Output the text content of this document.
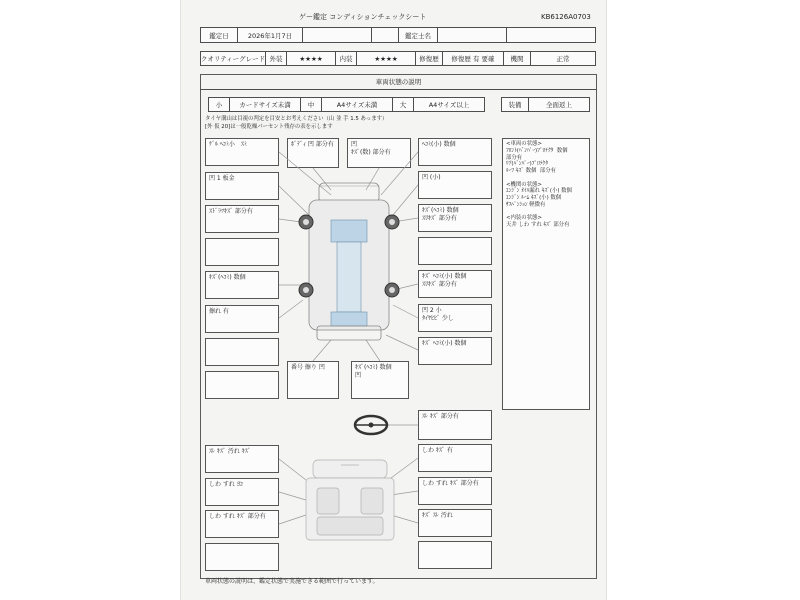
ゲー鑑定 コンディションチェックシート	KB6126A0703
鑑定日	2026年1月7日	鑑定士名
クオリティーグレード 外装	★★★★	内装	★★★★	修復歴	修復歴 有 要確	機関	正常
車両状態の説明
小	カードサイズ未満	中	A4サイズ未満	大	A4サイズ以上	装備	全面返上
タイヤ溝山は目視の判定を目安とお考えください（山 並 手 1.5 あっます）
[外 仮 20]は一般乾燥パーセント残存の表を示します
ｹﾞﾙ ﾍｺﾐ小　ｽﾐ
凹 1 板金
ｽﾄﾞﾗﾂｷｽﾞ 部分有
ｷｽﾞ(ﾍｺﾐ) 数個
擦れ 有
ﾎﾞﾃﾞｨ 凹 部分有	凹
ｷｽﾞ(数) 部分有
ﾍｺﾐ(小) 数個
凹 (小)
ｷｽﾞ(ﾍｺﾐ) 数個
ｽﾘｷｽﾞ 部分有
ｷｽﾞ ﾍｺﾐ(小) 数個
ｽﾘｷｽﾞ 部分有
凹 2 小
ﾀｲﾔﾋﾋﾞ 少し
ｷｽﾞ ﾍｺﾐ(小) 数個
<車両の状態>
ﾌﾛﾝﾄ(ﾊﾞﾝﾊﾟｰ)ﾌﾟﾛﾃｸﾀ  数個
部分有
ﾘｱ(ﾊﾞﾝﾊﾟｰ)ﾌﾟﾛﾃｸﾀ
ﾙｰﾌ ｷｽﾞ 数個  部分有

<機関の状態>
ｴﾝｼﾞﾝ ｵｲﾙ漏れ ｷｽﾞ(小) 数個
ｴﾝｼﾞﾝ ﾙｰﾑ ｷｽﾞ(小) 数個
ｻｽﾍﾟﾝｼｮﾝ 軽微有

<内装の状態>
天井 しわ すれ ｷｽﾞ 部分有
番号 擦り 凹	ｷｽﾞ(ﾍｺﾐ) 数個
凹
ｽﾚ ｷｽﾞ 部分有
ｽﾚ ｷｽﾞ 汚れ ｷｽﾞ
しわ すれ ﾖｺ
しわ すれ ｷｽﾞ 部分有
しわ ｷｽﾞ 有
しわ すれ ｷｽﾞ 部分有
ｷｽﾞ ｽﾚ 汚れ
車両状態の説明は、鑑定状態で実施できる範囲で行っています。
